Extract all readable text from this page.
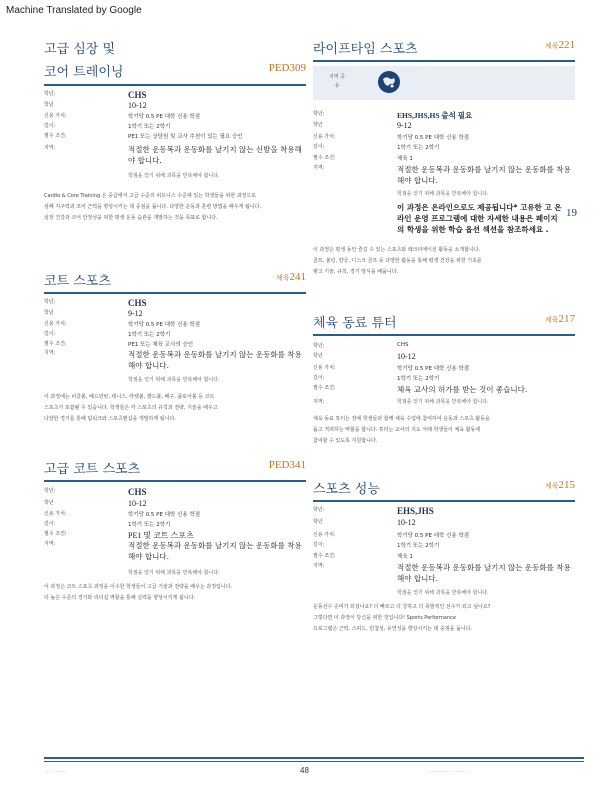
Machine Translated by Google
고급 심장 및
코어 트레이닝	PED309
학년:	CHS
학년	10-12
신용 가치:	학기당 0.5 PE 대학 신용 학점
길이:	1학기 또는 2학기
필수 조건:	PE1 또는 상담원 및 교사 추천이 있는 필요 승인
지역:	적절한 운동복과 운동화를 날기지 않는 신발을 착용해야 합니다.
학점을 얻기 위해 과목을 반복해야 합니다.
Cardio & Core Training 은 중급에서 고급 수준의 피트니스 수준에 있는 학생들을 위한 과정으로
심폐 지구력과 코어 근력을 향상시키는 데 중점을 둡니다. 다양한 운동과 훈련 방법을 배우게 됩니다.
심장 건강과 코어 안정성을 위한 평생 운동 습관을 개발하는 것을 목표로 합니다.
코트 스포츠	체육241
학년:	CHS
학년	9-12
신용 가치:	학기당 0.5 PE 대학 신용 학점
길이:	1학기 또는 2학기
필수 조건:	PE1 또는 체육 교사의 승인
지역:	적절한 운동복과 운동화를 날기지 않는 운동화를 착용해야 합니다.
학점을 얻기 위해 과목을 반복해야 합니다.
이 과정에는 피클볼, 배드민턴, 테니스, 라켓볼, 핸드볼, 배구, 플로어볼 등 코트
스포츠가 포함될 수 있습니다. 학생들은 각 스포츠의 규칙과 전략, 기술을 배우고
다양한 경기를 통해 팀워크와 스포츠맨십을 개발하게 됩니다.
고급 코트 스포츠	PED341
학년:	CHS
학년	10-12
신용 가치:	학기당 0.5 PE 대학 신용 학점
길이:	1학기 또는 2학기
필수 조건:	PE1 및 코트 스포츠
지역:	적절한 운동복과 운동화를 날기지 않는 운동화를 착용해야 합니다.
학점을 얻기 위해 과목을 반복해야 합니다.
이 과정은 코트 스포츠 과정을 이수한 학생들이 고급 기술과 전략을 배우는 과정입니다.
더 높은 수준의 경기와 리더십 역할을 통해 실력을 향상시키게 됩니다.
라이프타임 스포츠	체육221
지역 공유
학년:	EHS,JHS,HS 출석 필요
학년	9-12
신용 가치:	학기당 0.5 PE 대학 신용 학점
길이:	1학기 또는 2학기
필수 조건:	체육 1
지역:	적절한 운동복과 운동화를 날기지 않는 운동화를 착용해야 합니다.
학점을 얻기 위해 과목을 반복해야 합니다.
이 과정은 온라인으로도 제공됩니다* 고유한 고 온라인 운영 프로그램에 대한 자세한 내용은 페이지 의 학생을 위한 학습 옵션 섹션을 참조하세요 .
19
이 과정은 평생 동안 즐길 수 있는 스포츠와 레크리에이션 활동을 소개합니다.
골프, 볼링, 양궁, 디스크 골프 등 다양한 활동을 통해 평생 건강을 위한 기초를
쌓고 기술, 규칙, 경기 방식을 배웁니다.
체육 동료 튜터	체육217
학년:	CHS
학년	10-12
신용 가치:	학기당 0.5 PE 대학 신용 학점
길이:	1학기 또는 2학기
필수 조건:	체육 교사의 허가를 받는 것이 좋습니다.
지역:	학점을 얻기 위해 과목을 반복해야 합니다.
체육 동료 튜터는 장애 학생들과 함께 체육 수업에 참여하여 운동과 스포츠 활동을
돕고 격려하는 역할을 합니다. 튜터는 교사의 지도 아래 학생들이 체육 활동에
참여할 수 있도록 지원합니다.
스포츠 성능	체육215
학년:	EHS,JHS
학년	10-12
신용 가치:	학기당 0.5 PE 대학 신용 학점
길이:	1학기 또는 2학기
필수 조건:	체육 1
지역:	적절한 운동복과 운동화를 날기지 않는 운동화를 착용해야 합니다.
학점을 얻기 위해 과목을 반복해야 합니다.
운동선수 준비가 되셨나요? 더 빠르고 더 강하고 더 폭발적인 선수가 되고 싶나요?
그렇다면 이 과정이 당신을 위한 것입니다! Sports Performance
프로그램은 근력, 스피드, 민첩성, 유연성을 향상시키는 데 중점을 둡니다.
· · · · · · ·	48	· · · · · · · · · · · · ·
